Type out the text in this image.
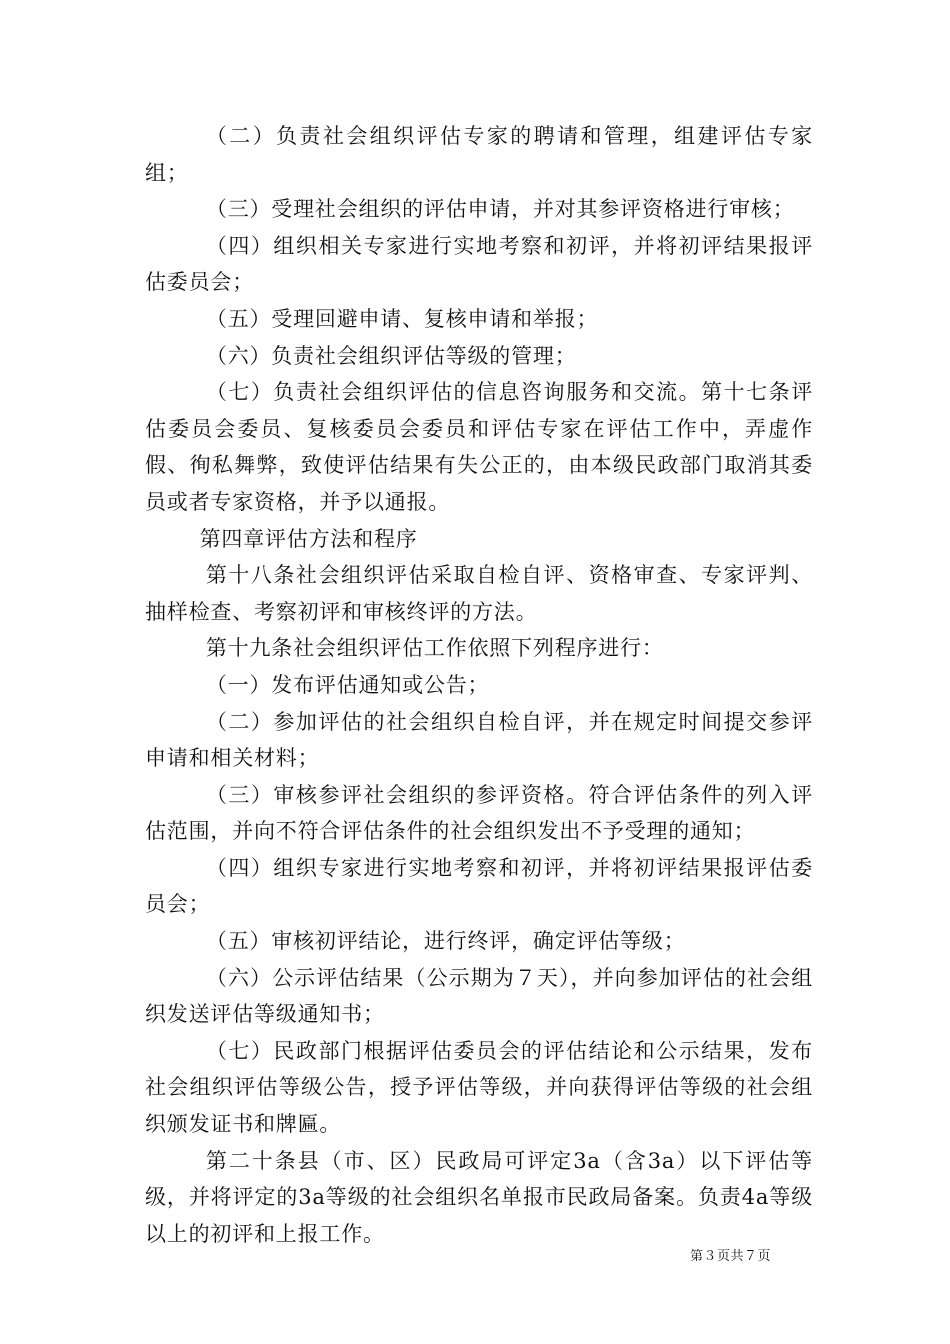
（二）负责社会组织评估专家的聘请和管理，组建评估专家组；

（三）受理社会组织的评估申请，并对其参评资格进行审核；

（四）组织相关专家进行实地考察和初评，并将初评结果报评估委员会；

（五）受理回避申请、复核申请和举报；

（六）负责社会组织评估等级的管理；

（七）负责社会组织评估的信息咨询服务和交流。第十七条评估委员会委员、复核委员会委员和评估专家在评估工作中，弄虚作假、徇私舞弊，致使评估结果有失公正的，由本级民政部门取消其委员或者专家资格，并予以通报。

第四章评估方法和程序

第十八条社会组织评估采取自检自评、资格审查、专家评判、抽样检查、考察初评和审核终评的方法。

第十九条社会组织评估工作依照下列程序进行：

（一）发布评估通知或公告；

（二）参加评估的社会组织自检自评，并在规定时间提交参评申请和相关材料；

（三）审核参评社会组织的参评资格。符合评估条件的列入评估范围，并向不符合评估条件的社会组织发出不予受理的通知；

（四）组织专家进行实地考察和初评，并将初评结果报评估委员会；

（五）审核初评结论，进行终评，确定评估等级；

（六）公示评估结果（公示期为７天），并向参加评估的社会组织发送评估等级通知书；

（七）民政部门根据评估委员会的评估结论和公示结果，发布社会组织评估等级公告，授予评估等级，并向获得评估等级的社会组织颁发证书和牌匾。

第二十条县（市、区）民政局可评定3a（含3a）以下评估等级，并将评定的3a等级的社会组织名单报市民政局备案。负责4a等级以上的初评和上报工作。

第３页共７页
